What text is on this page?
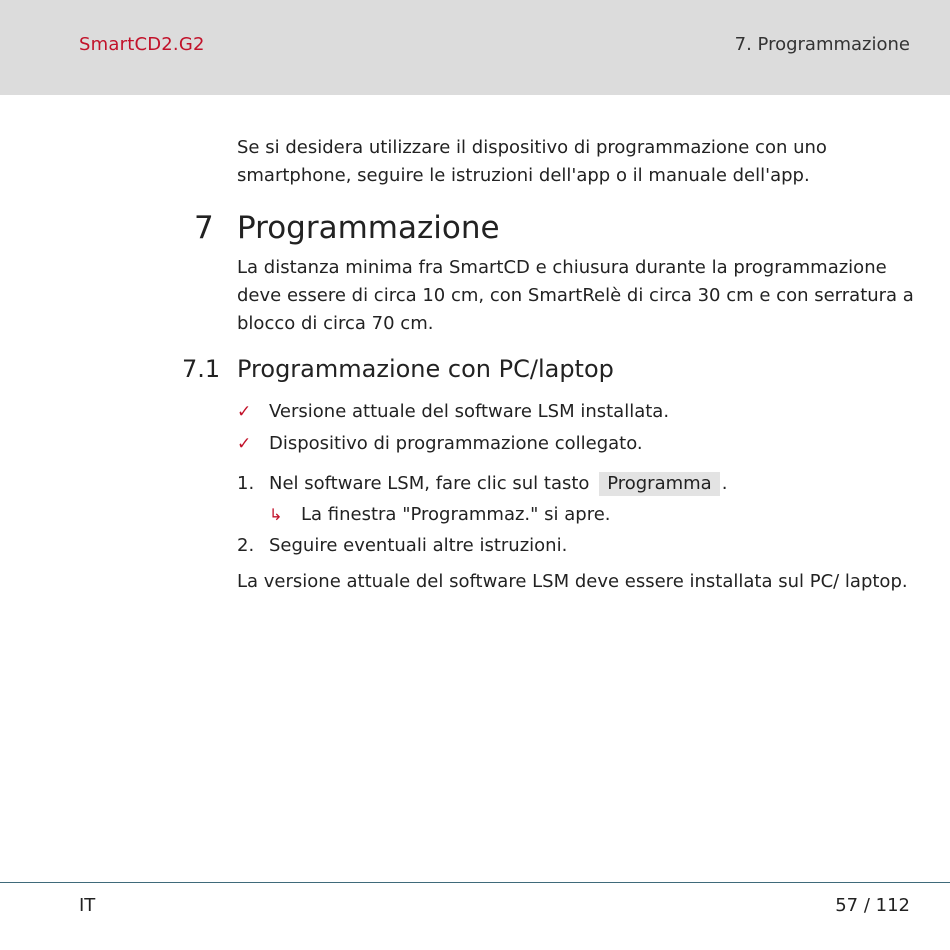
SmartCD2.G2	7. Programmazione

Se si desidera utilizzare il dispositivo di programmazione con uno smartphone, seguire le istruzioni dell'app o il manuale dell'app.

7 Programmazione

La distanza minima fra SmartCD e chiusura durante la programmazione deve essere di circa 10 cm, con SmartRelè di circa 30 cm e con serratura a blocco di circa 70 cm.

7.1 Programmazione con PC/laptop
✓ Versione attuale del software LSM installata.
✓ Dispositivo di programmazione collegato.
1. Nel software LSM, fare clic sul tasto Programma .
↳ La finestra "Programmaz." si apre.
2. Seguire eventuali altre istruzioni.

La versione attuale del software LSM deve essere installata sul PC/ laptop.

IT	57 / 112
